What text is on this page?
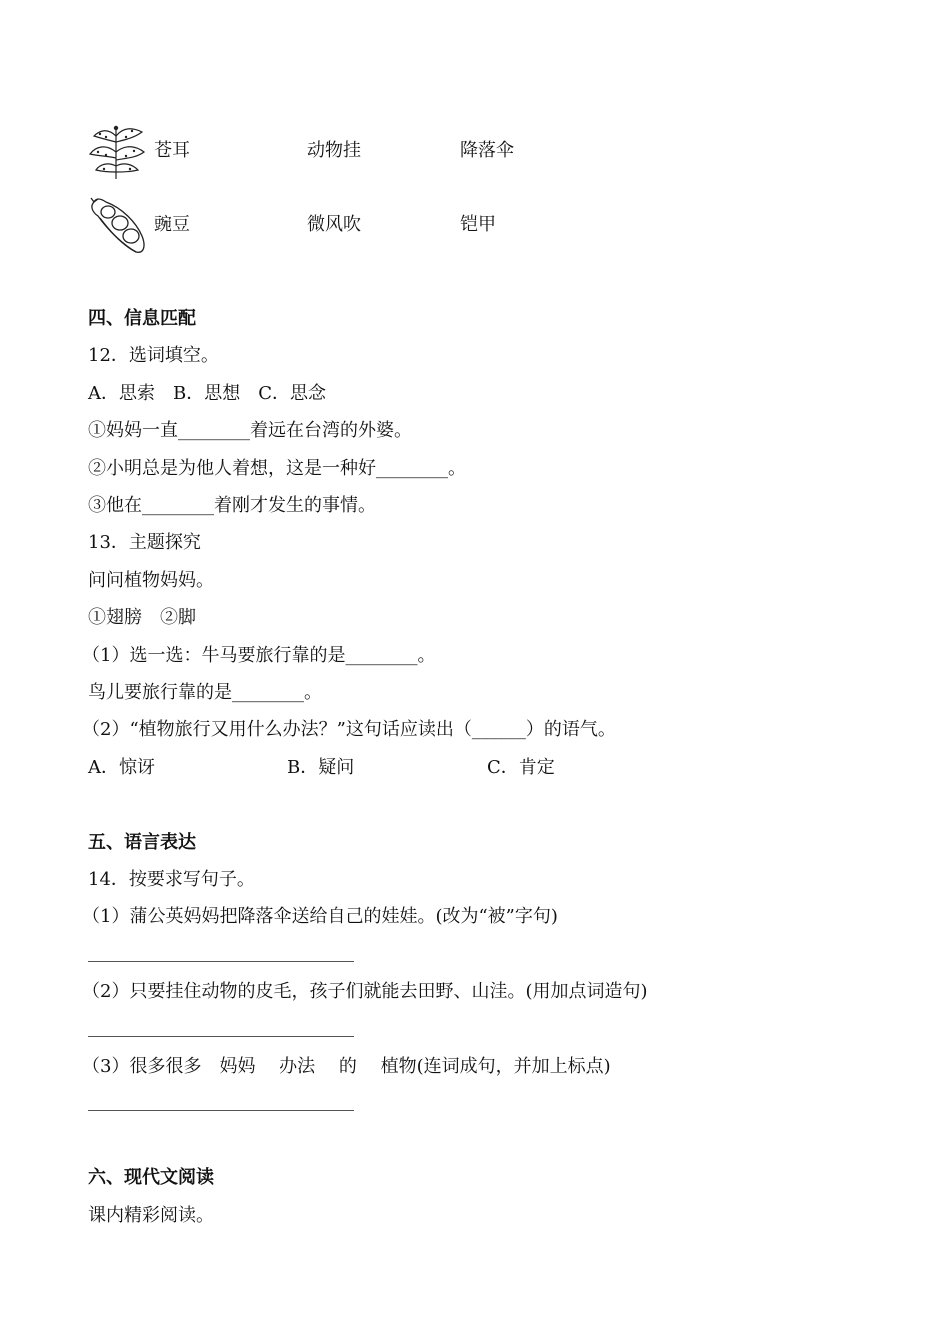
苍耳	动物挂	降落伞
豌豆	微风吹	铠甲
四、信息匹配
12．选词填空。
A．思索　B．思想　C．思念
①妈妈一直________着远在台湾的外婆。
②小明总是为他人着想，这是一种好________。
③他在________着刚才发生的事情。
13．主题探究
问问植物妈妈。
①翅膀　②脚
（1）选一选：牛马要旅行靠的是________。
鸟儿要旅行靠的是________。
（2）“植物旅行又用什么办法？”这句话应读出（______）的语气。
A．惊讶	B．疑问	C．肯定
五、语言表达
14．按要求写句子。
（1）蒲公英妈妈把降落伞送给自己的娃娃。(改为“被”字句)
（2）只要挂住动物的皮毛，孩子们就能去田野、山洼。(用加点词造句)
（3）很多很多　妈妈　 办法　 的　 植物(连词成句，并加上标点)
六、现代文阅读
课内精彩阅读。
